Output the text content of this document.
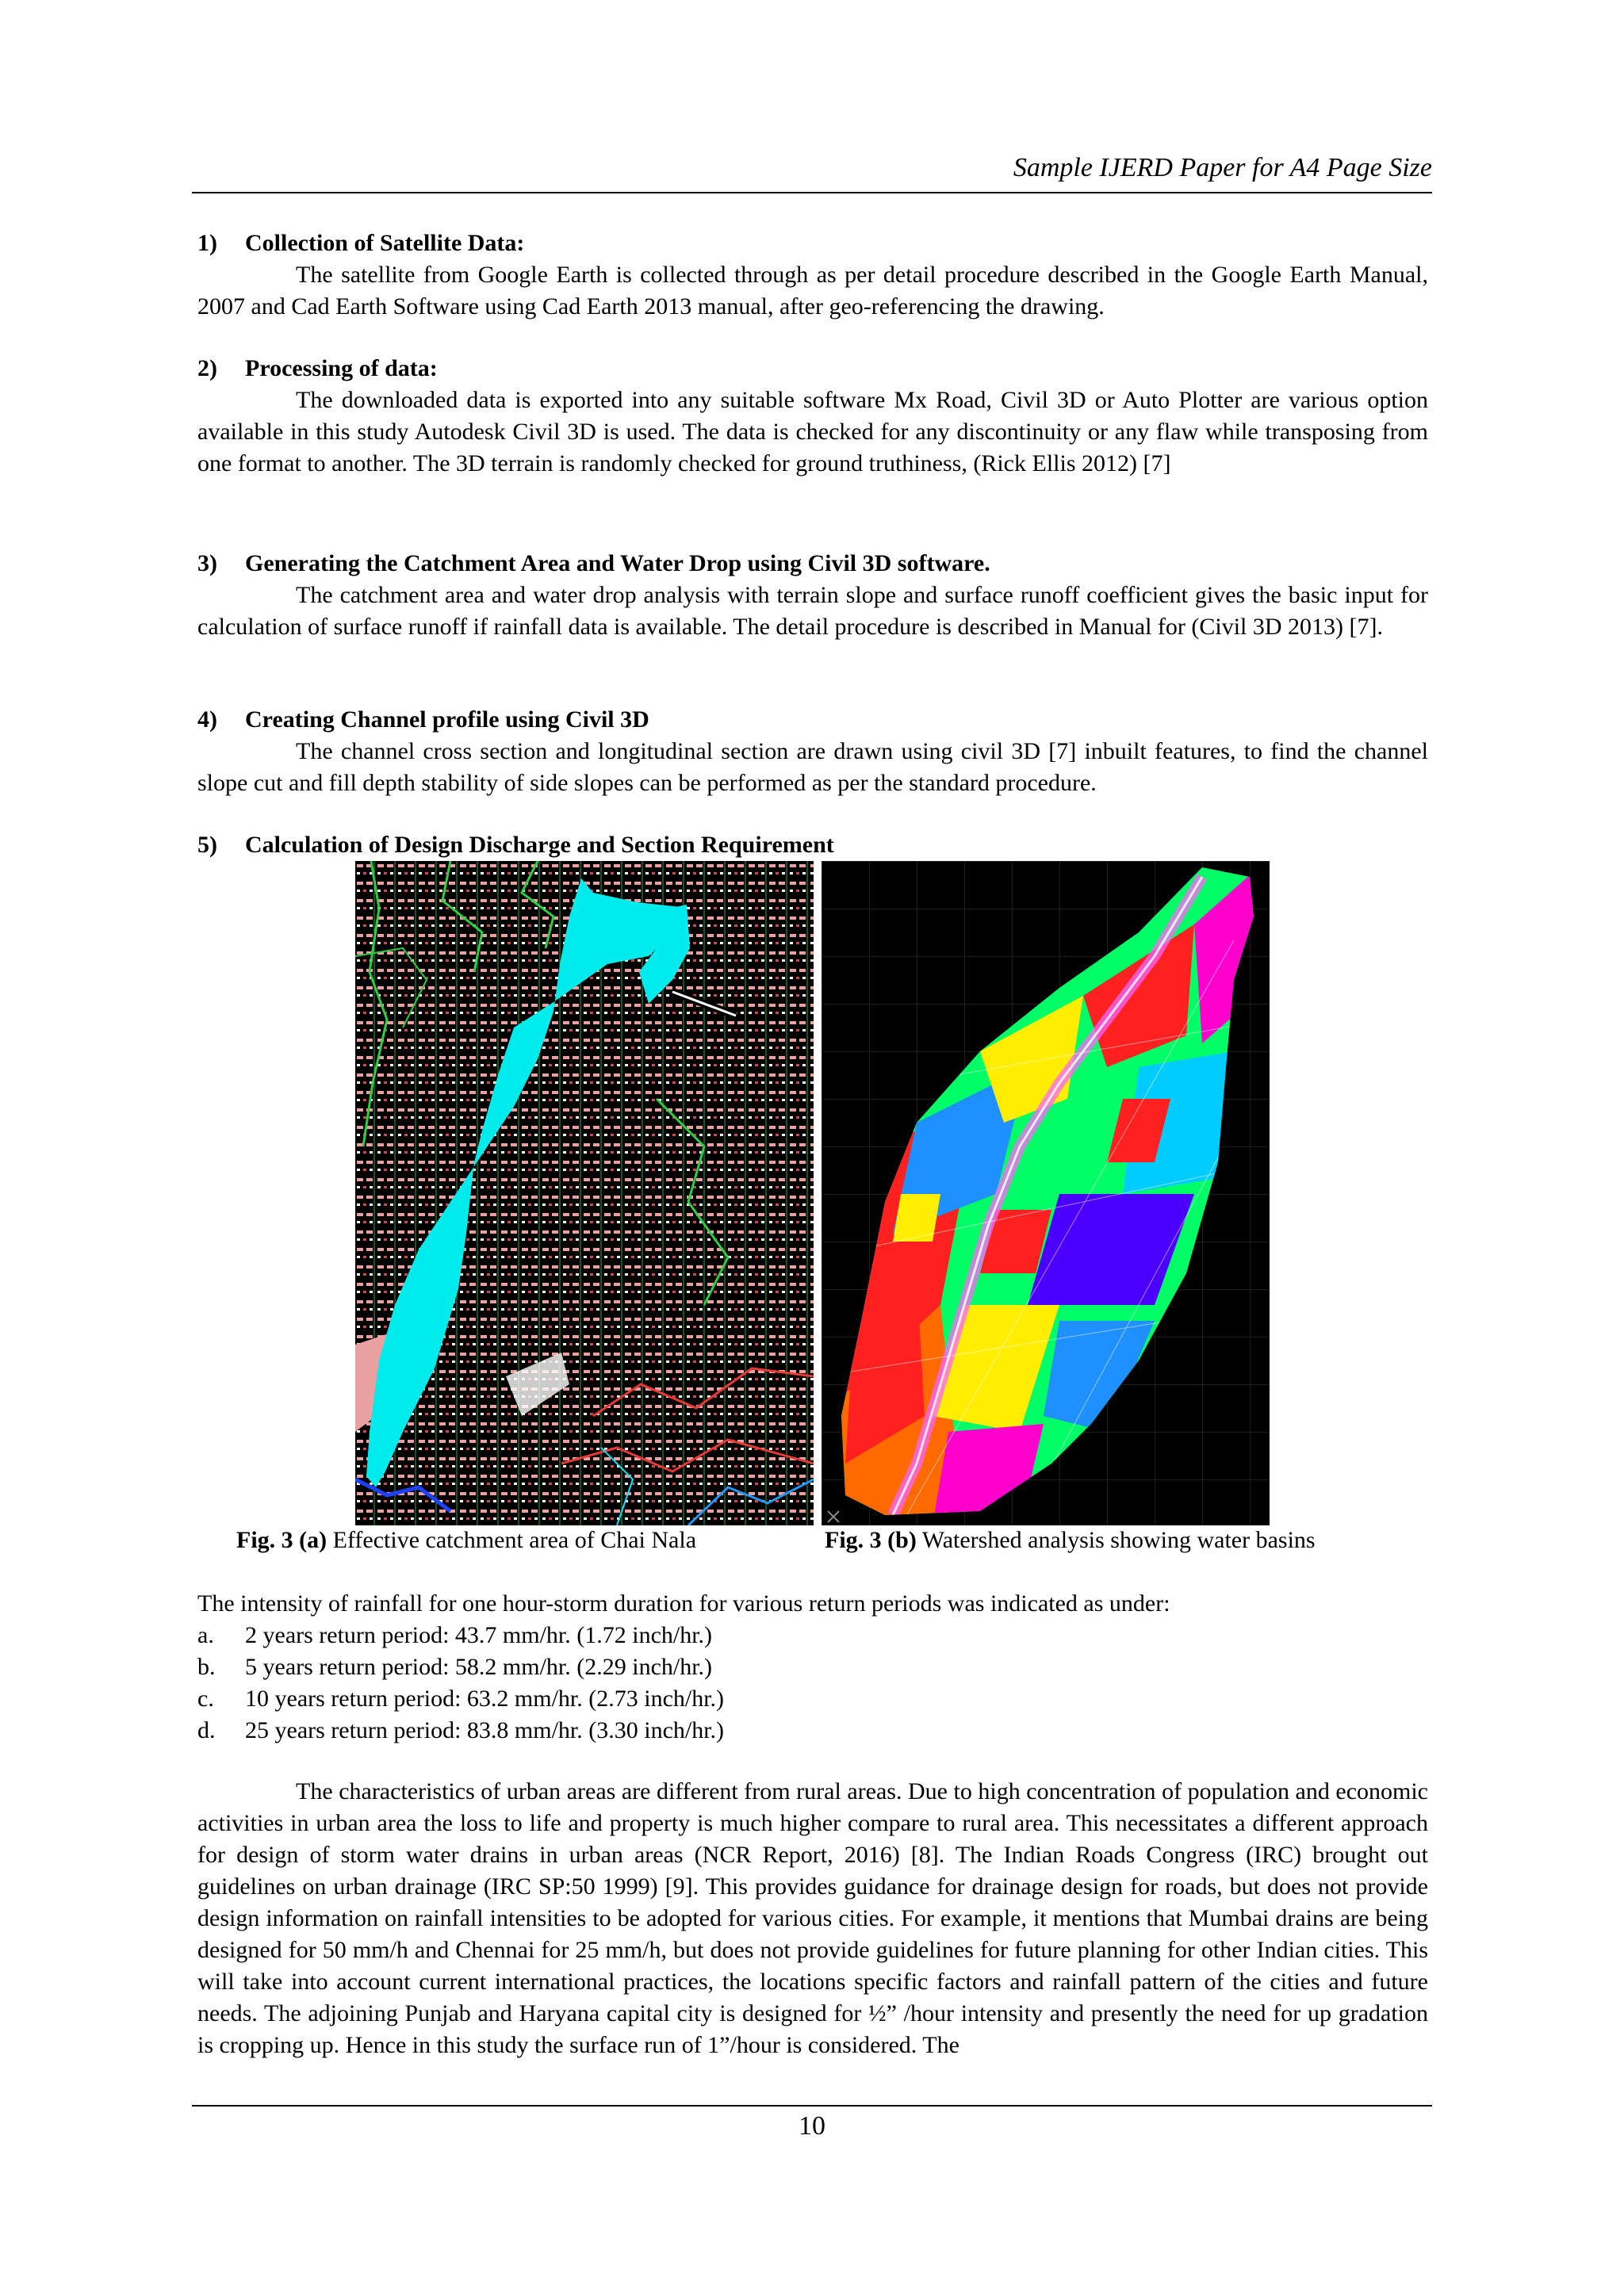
Sample IJERD Paper for A4 Page Size
1)	Collection of Satellite Data:
The satellite from Google Earth is collected through as per detail procedure described in the Google Earth Manual, 2007 and Cad Earth Software using Cad Earth 2013 manual, after geo-referencing the drawing.
2)	Processing of data:
The downloaded data is exported into any suitable software Mx Road, Civil 3D or Auto Plotter are various option available in this study Autodesk Civil 3D is used. The data is checked for any discontinuity or any flaw while transposing from one format to another. The 3D terrain is randomly checked for ground truthiness, (Rick Ellis 2012) [7]
3)	Generating the Catchment Area and Water Drop using Civil 3D software.
The catchment area and water drop analysis with terrain slope and surface runoff coefficient gives the basic input for calculation of surface runoff if rainfall data is available. The detail procedure is described in Manual for (Civil 3D 2013) [7].
4)	Creating Channel profile using Civil 3D
The channel cross section and longitudinal section are drawn using civil 3D [7] inbuilt features, to find the channel slope cut and fill depth stability of side slopes can be performed as per the standard procedure.
5)	Calculation of Design Discharge and Section Requirement
Fig. 3 (a) Effective catchment area of Chai Nala	Fig. 3 (b) Watershed analysis showing water basins
The intensity of rainfall for one hour-storm duration for various return periods was indicated as under:
a.	2 years return period: 43.7 mm/hr. (1.72 inch/hr.)
b.	5 years return period: 58.2 mm/hr. (2.29 inch/hr.)
c.	10 years return period: 63.2 mm/hr. (2.73 inch/hr.)
d.	25 years return period: 83.8 mm/hr. (3.30 inch/hr.)
The characteristics of urban areas are different from rural areas. Due to high concentration of population and economic activities in urban area the loss to life and property is much higher compare to rural area. This necessitates a different approach for design of storm water drains in urban areas (NCR Report, 2016) [8]. The Indian Roads Congress (IRC) brought out guidelines on urban drainage (IRC SP:50 1999) [9]. This provides guidance for drainage design for roads, but does not provide design information on rainfall intensities to be adopted for various cities. For example, it mentions that Mumbai drains are being designed for 50 mm/h and Chennai for 25 mm/h, but does not provide guidelines for future planning for other Indian cities. This will take into account current international practices, the locations specific factors and rainfall pattern of the cities and future needs. The adjoining Punjab and Haryana capital city is designed for ½” /hour intensity and presently the need for up gradation is cropping up. Hence in this study the surface run of 1”/hour is considered. The
10
